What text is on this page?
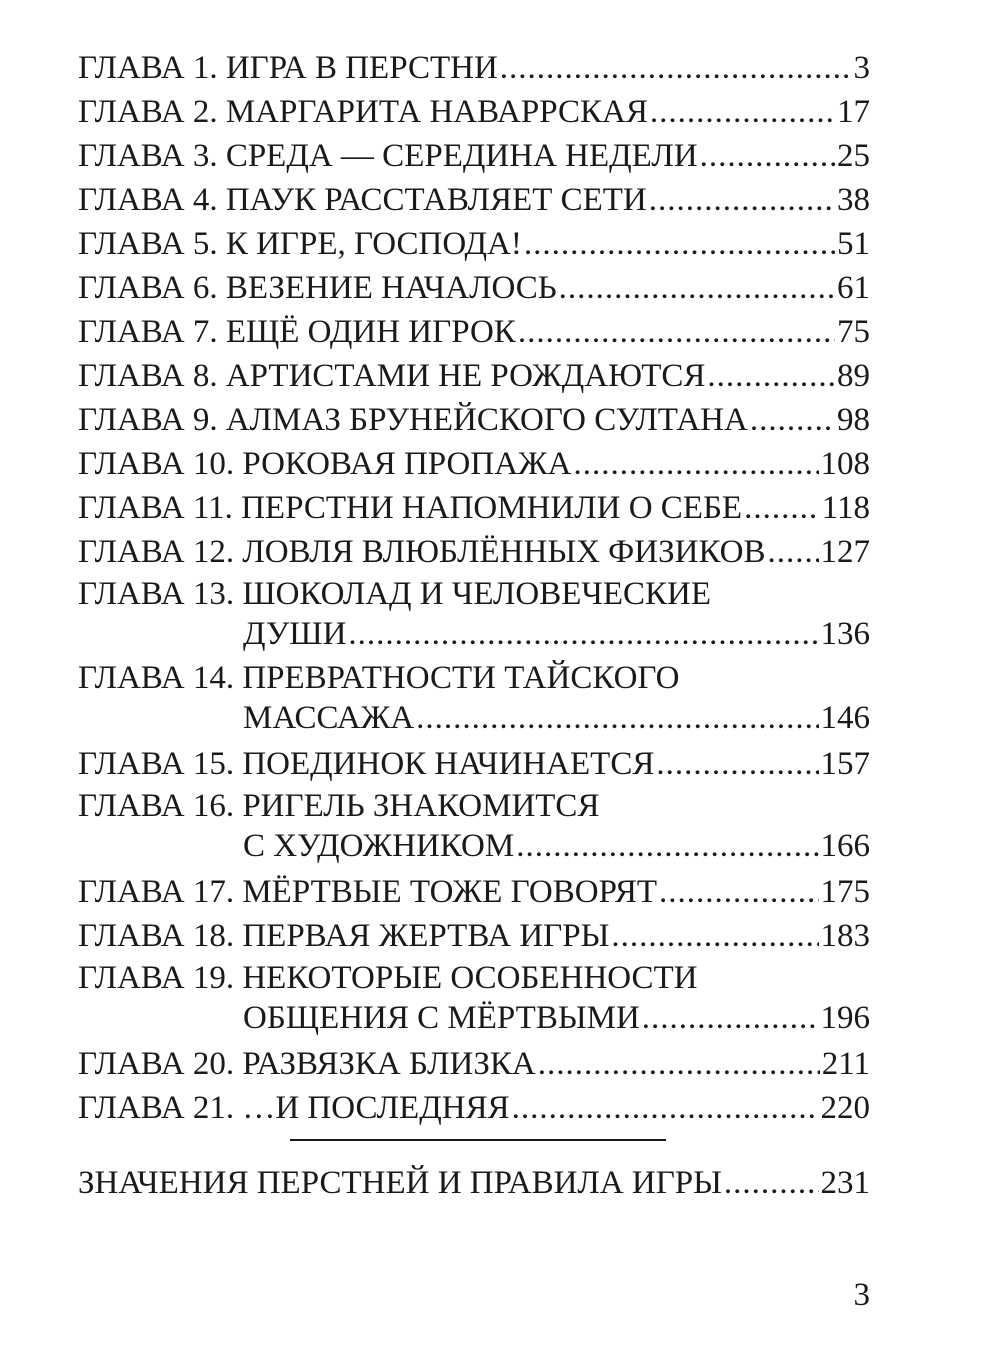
ГЛАВА 1. ИГРА В ПЕРСТНИ .....	3
ГЛАВА 2. МАРГАРИТА НАВАРРСКАЯ .....	17
ГЛАВА 3. СРЕДА — СЕРЕДИНА НЕДЕЛИ .....	25
ГЛАВА 4. ПАУК РАССТАВЛЯЕТ СЕТИ .....	38
ГЛАВА 5. К ИГРЕ, ГОСПОДА! .....	51
ГЛАВА 6. ВЕЗЕНИЕ НАЧАЛОСЬ .....	61
ГЛАВА 7. ЕЩЁ ОДИН ИГРОК .....	75
ГЛАВА 8. АРТИСТАМИ НЕ РОЖДАЮТСЯ .....	89
ГЛАВА 9. АЛМАЗ БРУНЕЙСКОГО СУЛТАНА .....	98
ГЛАВА 10. РОКОВАЯ ПРОПАЖА .....	108
ГЛАВА 11. ПЕРСТНИ НАПОМНИЛИ О СЕБЕ ..... 118
ГЛАВА 12. ЛОВЛЯ ВЛЮБЛЁННЫХ ФИЗИКОВ ..... 127
ГЛАВА 13. ШОКОЛАД И ЧЕЛОВЕЧЕСКИЕ
ДУШИ .....	136
ГЛАВА 14. ПРЕВРАТНОСТИ ТАЙСКОГО
МАССАЖА .....	146
ГЛАВА 15. ПОЕДИНОК НАЧИНАЕТСЯ .....	157
ГЛАВА 16. РИГЕЛЬ ЗНАКОМИТСЯ
С ХУДОЖНИКОМ .....	166
ГЛАВА 17. МЁРТВЫЕ ТОЖЕ ГОВОРЯТ .....	175
ГЛАВА 18. ПЕРВАЯ ЖЕРТВА ИГРЫ .....	183
ГЛАВА 19. НЕКОТОРЫЕ ОСОБЕННОСТИ
ОБЩЕНИЯ С МЁРТВЫМИ .....	196
ГЛАВА 20. РАЗВЯЗКА БЛИЗКА .....	211
ГЛАВА 21. …И ПОСЛЕДНЯЯ .....	220
ЗНАЧЕНИЯ ПЕРСТНЕЙ И ПРАВИЛА ИГРЫ .....	231
3
